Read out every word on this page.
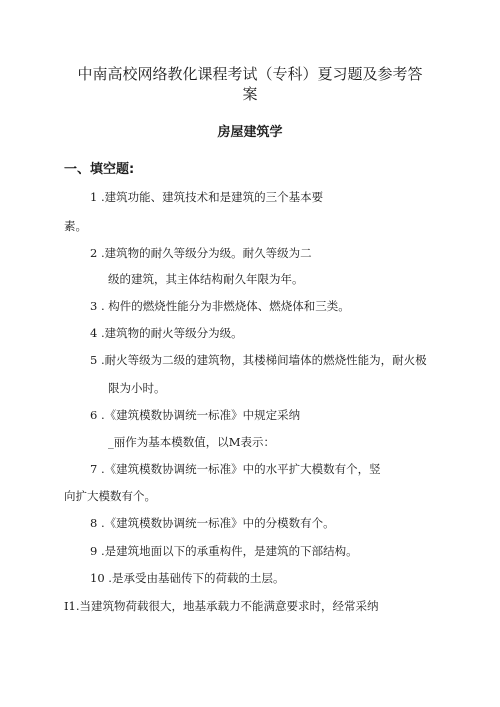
中南高校网络教化课程考试（专科）夏习题及参考答
案
房屋建筑学
一、填空题:
1 .建筑功能、建筑技术和是建筑的三个基本要
素。
2 .建筑物的耐久等级分为级。耐久等级为二
级的建筑，其主体结构耐久年限为年。
3 . 构件的燃烧性能分为非燃烧体、燃烧体和三类。
4 .建筑物的耐火等级分为级。
5 .耐火等级为二级的建筑物，其楼梯间墙体的燃烧性能为，耐火极
限为小时。
6 .《建筑模数协调统一标准》中规定采纳
_丽作为基本模数值，以M表示：
7 .《建筑模数协调统一标准》中的水平扩大模数有个，竖
向扩大模数有个。
8 .《建筑模数协调统一标准》中的分模数有个。
9 .是建筑地面以下的承重构件，是建筑的下部结构。
10 .是承受由基础传下的荷载的土层。
I1.当建筑物荷载很大，地基承载力不能满意要求时，经常采纳
